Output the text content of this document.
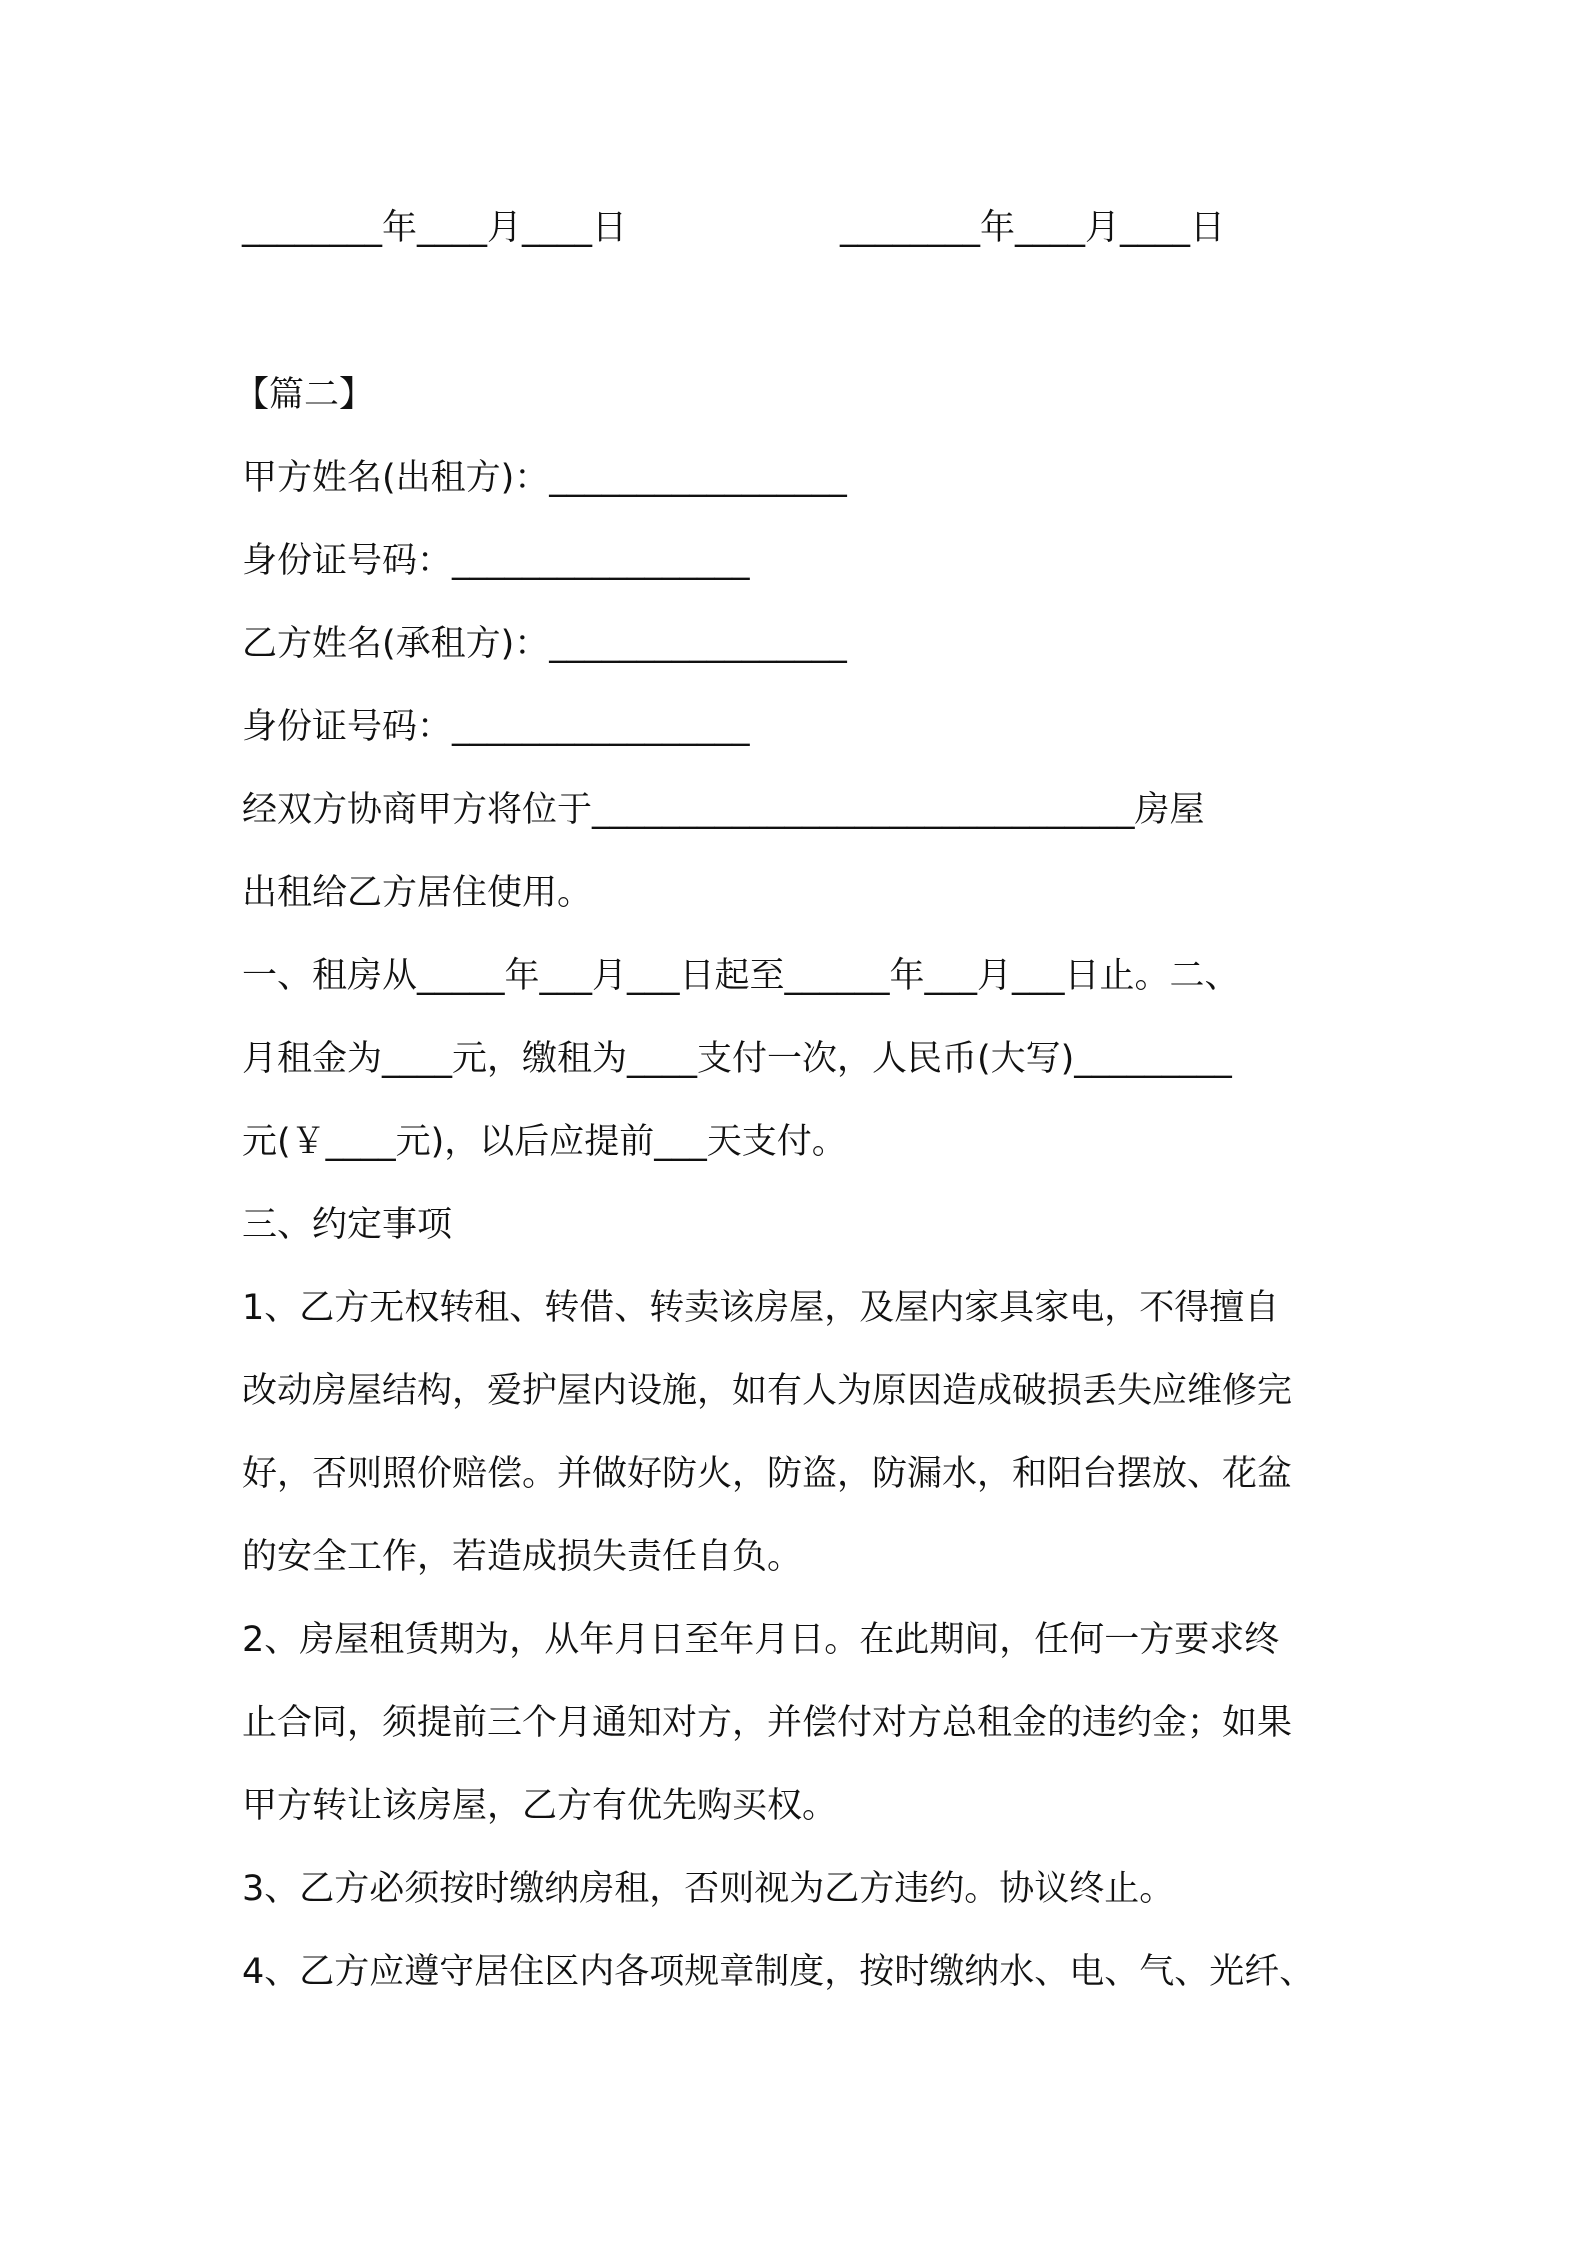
________年____月____日	________年____月____日

【篇二】

甲方姓名(出租方)：_________________

身份证号码：_________________

乙方姓名(承租方)：_________________

身份证号码：_________________

经双方协商甲方将位于_______________________________房屋

出租给乙方居住使用。

一、租房从_____年___月___日起至______年___月___日止。二、

月租金为____元，缴租为____支付一次，人民币(大写)_________

元(￥____元)，以后应提前___天支付。

三、约定事项

1、乙方无权转租、转借、转卖该房屋，及屋内家具家电，不得擅自

改动房屋结构，爱护屋内设施，如有人为原因造成破损丢失应维修完

好，否则照价赔偿。并做好防火，防盗，防漏水，和阳台摆放、花盆

的安全工作，若造成损失责任自负。

2、房屋租赁期为，从年月日至年月日。在此期间，任何一方要求终

止合同，须提前三个月通知对方，并偿付对方总租金的违约金；如果

甲方转让该房屋，乙方有优先购买权。

3、乙方必须按时缴纳房租，否则视为乙方违约。协议终止。

4、乙方应遵守居住区内各项规章制度，按时缴纳水、电、气、光纤、
